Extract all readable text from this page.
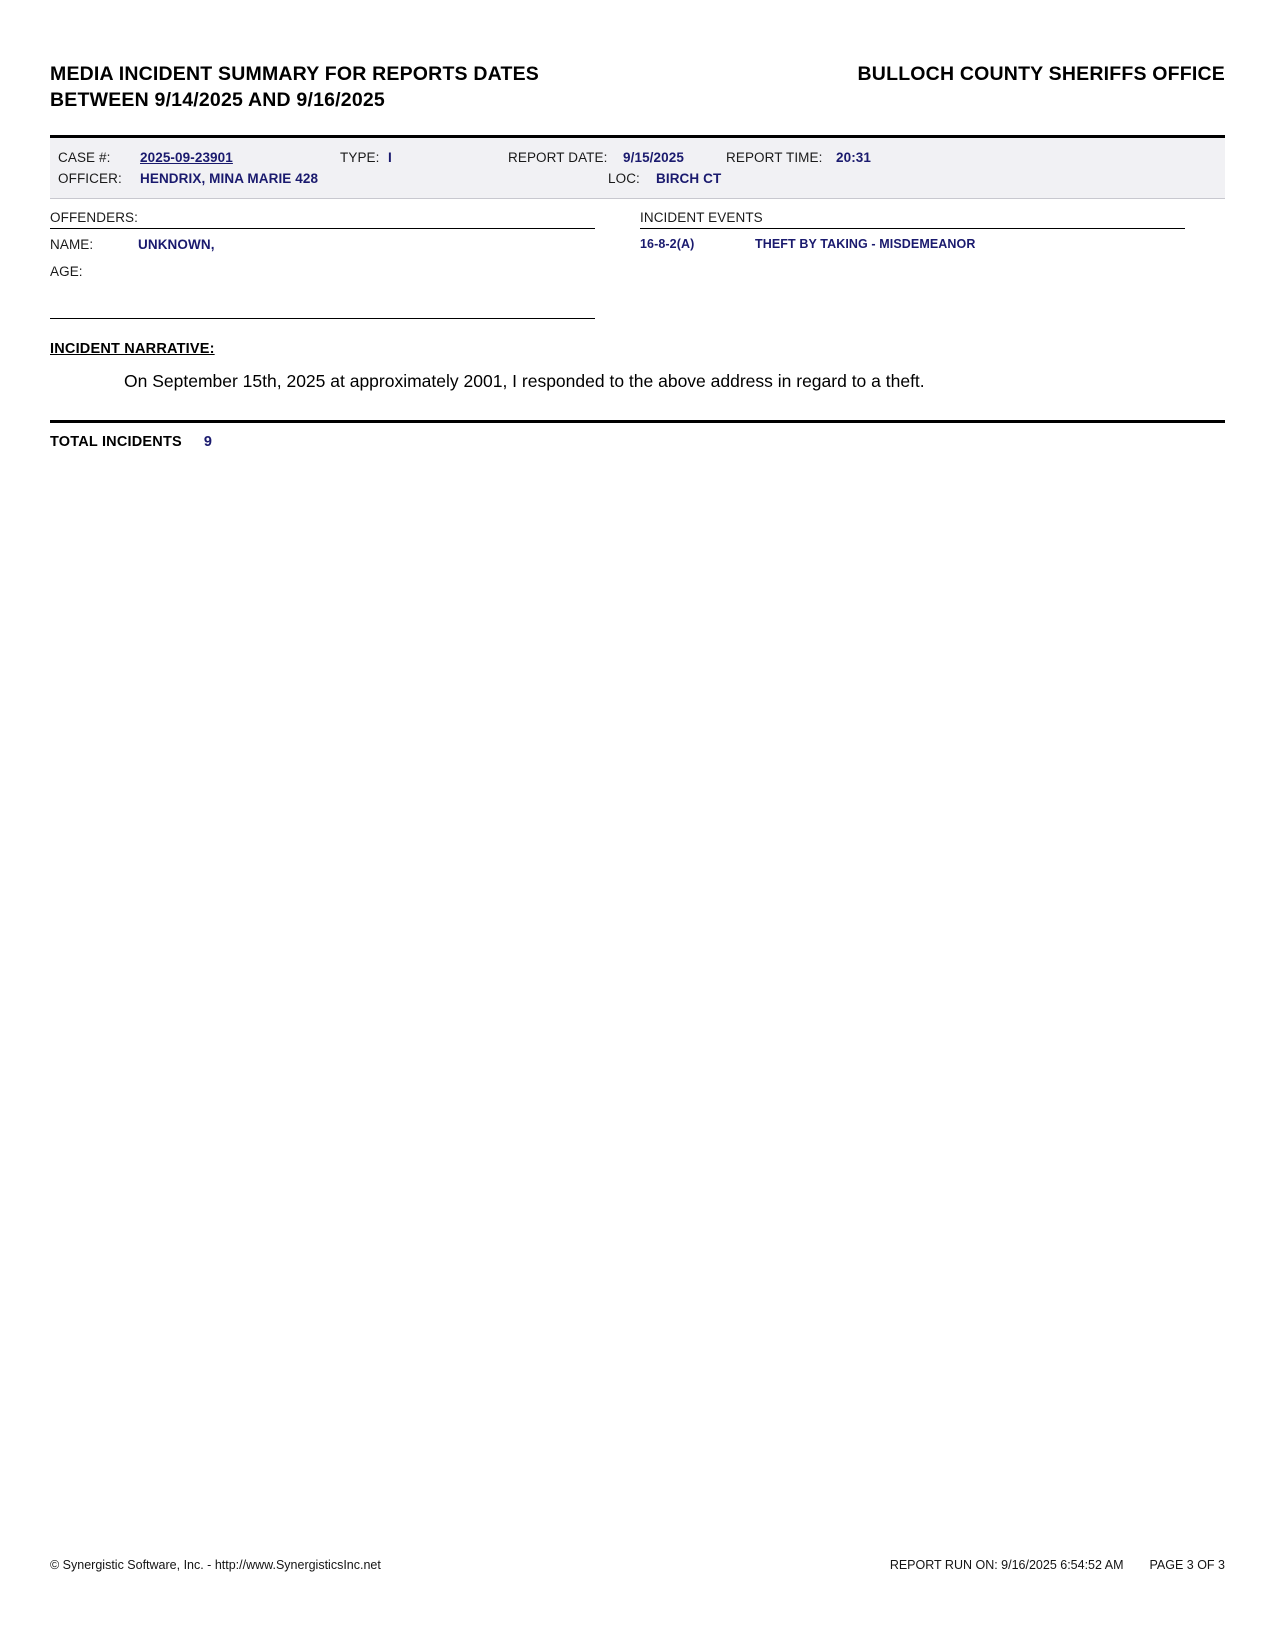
MEDIA INCIDENT SUMMARY FOR REPORTS DATES BETWEEN 9/14/2025 AND 9/16/2025
BULLOCH COUNTY SHERIFFS OFFICE
CASE #:	2025-09-23901	TYPE: I	REPORT DATE:	9/15/2025	REPORT TIME:	20:31
OFFICER:	HENDRIX, MINA MARIE 428	LOC:	BIRCH CT
OFFENDERS:
NAME:	UNKNOWN,
AGE:
INCIDENT EVENTS
16-8-2(A)	THEFT BY TAKING - MISDEMEANOR
INCIDENT NARRATIVE:
On September 15th, 2025 at approximately 2001, I responded to the above address in regard to a theft.
TOTAL INCIDENTS 9
© Synergistic Software, Inc. - http://www.SynergisticsInc.net	REPORT RUN ON: 9/16/2025 6:54:52 AM PAGE 3 OF 3
